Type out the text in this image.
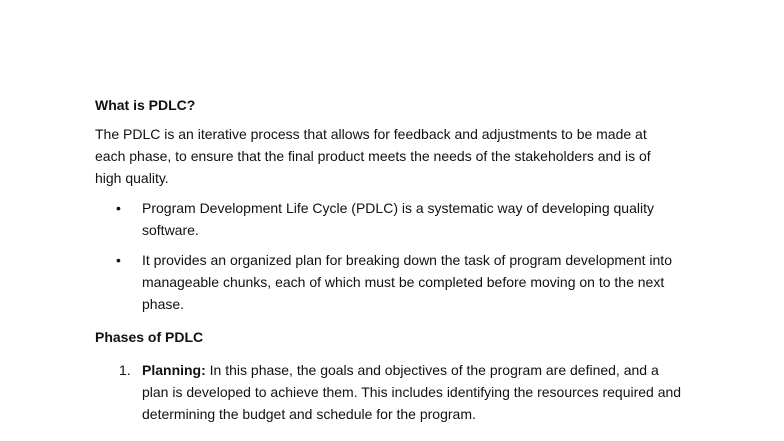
What is PDLC?

The PDLC is an iterative process that allows for feedback and adjustments to be made at each phase, to ensure that the final product meets the needs of the stakeholders and is of high quality.

• Program Development Life Cycle (PDLC) is a systematic way of developing quality software.
• It provides an organized plan for breaking down the task of program development into manageable chunks, each of which must be completed before moving on to the next phase.
Phases of PDLC
1. Planning: In this phase, the goals and objectives of the program are defined, and a plan is developed to achieve them. This includes identifying the resources required and determining the budget and schedule for the program.
